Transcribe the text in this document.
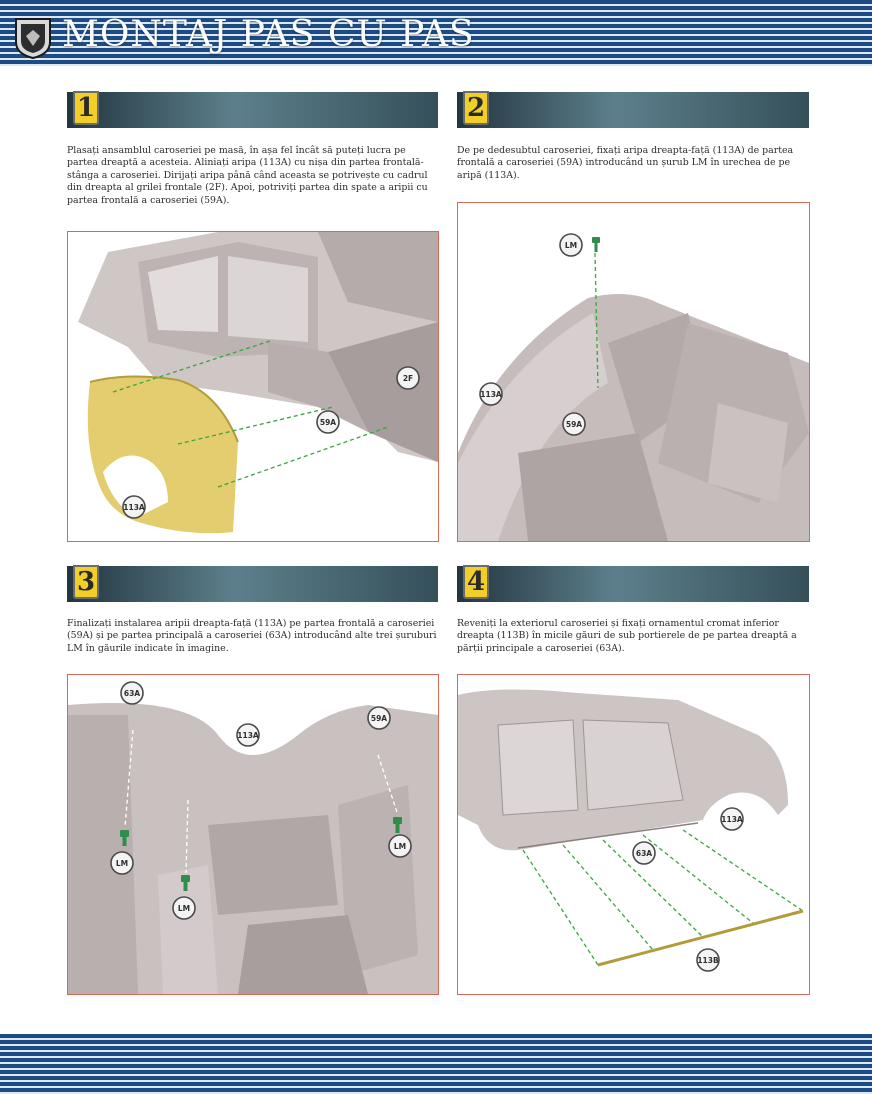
MONTAJ PAS CU PAS
1

Plasați ansamblul caroseriei pe masă, în așa fel încât să puteți lucra pe partea dreaptă a acesteia. Aliniați aripa (113A) cu nișa din partea frontală-stânga a caroseriei. Dirijați aripa până când aceasta se potrivește cu cadrul din dreapta al grilei frontale (2F). Apoi, potriviți partea din spate a aripii cu partea frontală a caroseriei (59A).

2F
59A
113A
2

De pe dedesubtul caroseriei, fixați aripa dreapta-față (113A) de partea frontală a caroseriei (59A) introducând un șurub LM în urechea de pe aripă (113A).

LM
113A
59A
3

Finalizați instalarea aripii dreapta-față (113A) pe partea frontală a caroseriei (59A) și pe partea principală a caroseriei (63A) introducând alte trei șuruburi LM în găurile indicate în imagine.

63A
113A
59A
LM
LM
LM
4

Reveniți la exteriorul caroseriei și fixați ornamentul cromat inferior dreapta (113B) în micile găuri de sub portierele de pe partea dreaptă a părții principale a caroseriei (63A).

113A
63A
113B
